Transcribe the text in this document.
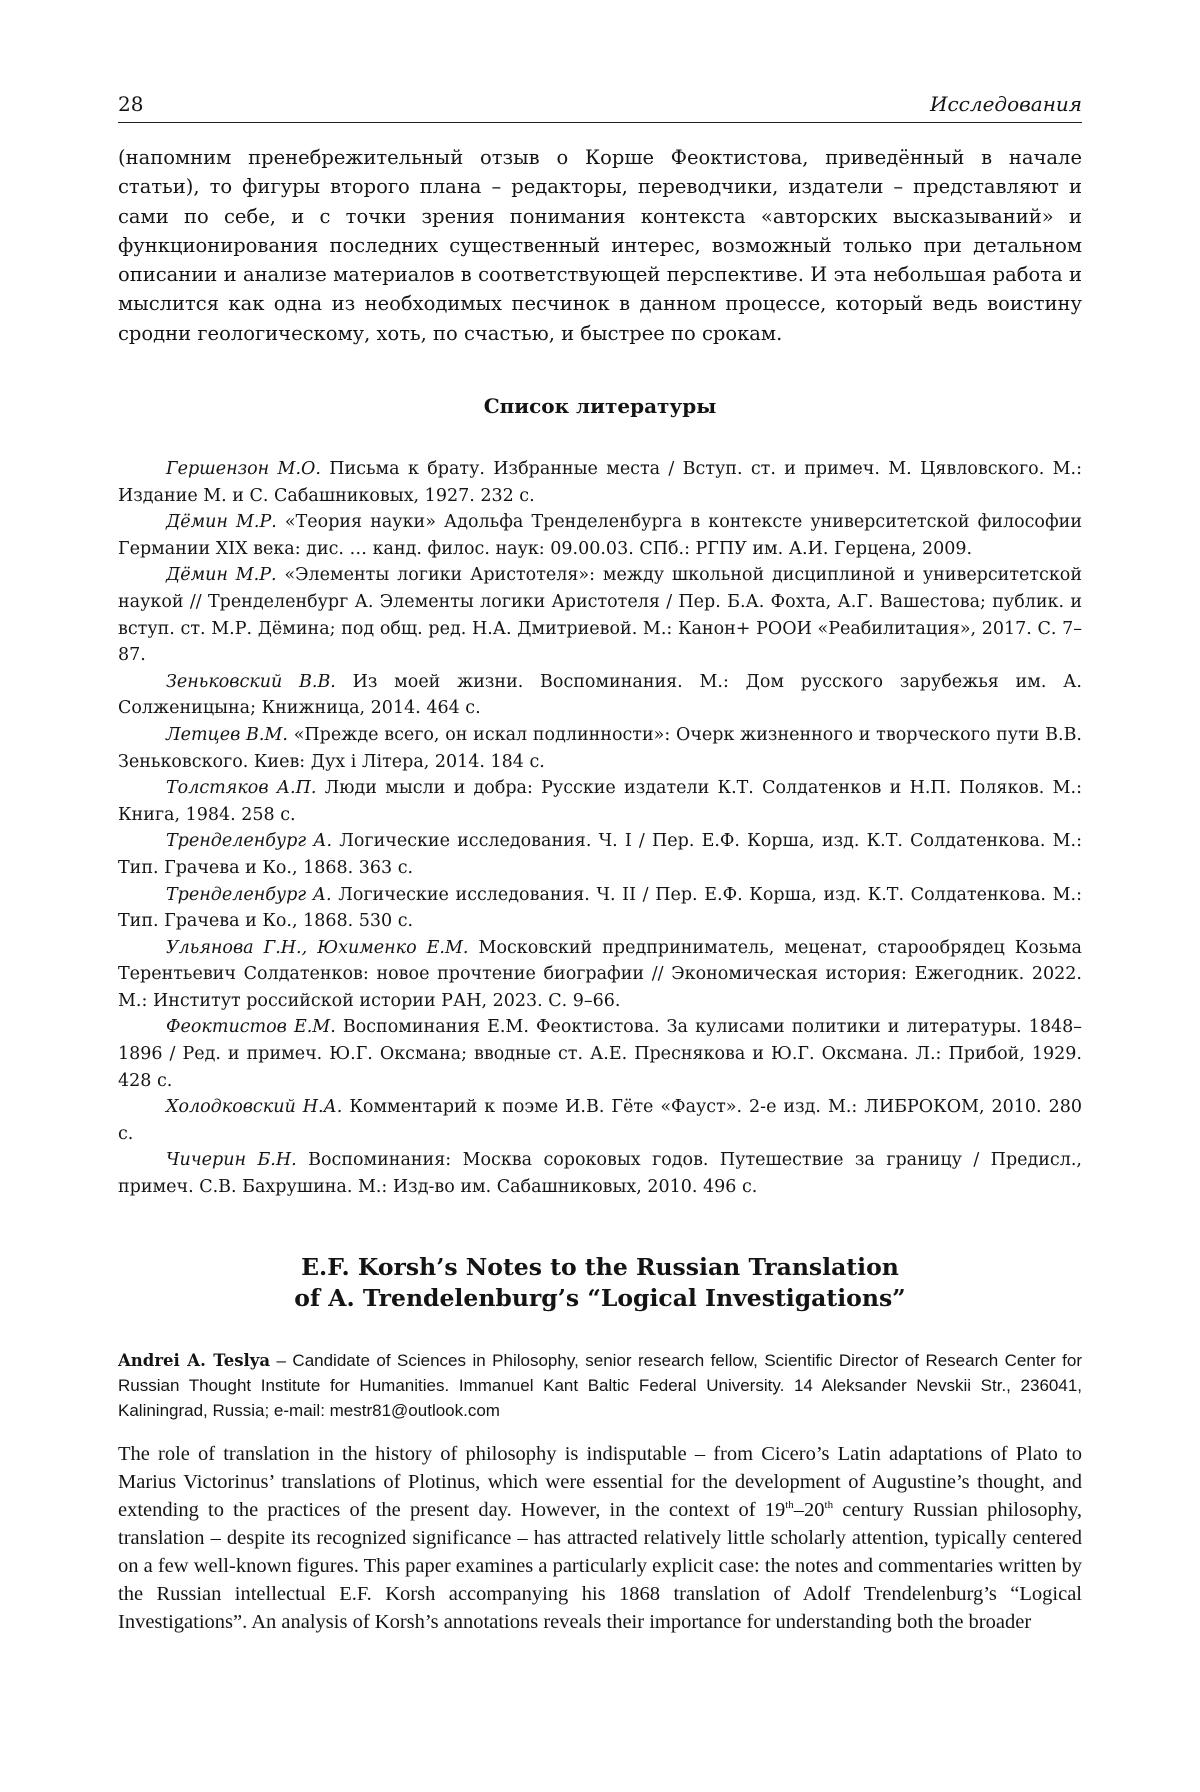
28	Исследования

(напомним пренебрежительный отзыв о Корше Феоктистова, приведённый в начале статьи), то фигуры второго плана – редакторы, переводчики, издатели – представляют и сами по себе, и с точки зрения понимания контекста «авторских высказываний» и функционирования последних существенный интерес, возможный только при детальном описании и анализе материалов в соответствующей перспективе. И эта небольшая работа и мыслится как одна из необходимых песчинок в данном процессе, который ведь воистину сродни геологическому, хоть, по счастью, и быстрее по срокам.

Список литературы
Гершензон М.О. Письма к брату. Избранные места / Вступ. ст. и примеч. М. Цявловского. М.: Издание М. и С. Сабашниковых, 1927. 232 с.
Дёмин М.Р. «Теория науки» Адольфа Тренделенбурга в контексте университетской философии Германии XIX века: дис. … канд. филос. наук: 09.00.03. СПб.: РГПУ им. А.И. Герцена, 2009.
Дёмин М.Р. «Элементы логики Аристотеля»: между школьной дисциплиной и университетской наукой // Тренделенбург А. Элементы логики Аристотеля / Пер. Б.А. Фохта, А.Г. Вашестова; публик. и вступ. ст. М.Р. Дёмина; под общ. ред. Н.А. Дмитриевой. М.: Канон+ РООИ «Реабилитация», 2017. С. 7–87.
Зеньковский В.В. Из моей жизни. Воспоминания. М.: Дом русского зарубежья им. А. Солженицына; Книжница, 2014. 464 с.
Летцев В.М. «Прежде всего, он искал подлинности»: Очерк жизненного и творческого пути В.В. Зеньковского. Киев: Дух і Літера, 2014. 184 с.
Толстяков А.П. Люди мысли и добра: Русские издатели К.Т. Солдатенков и Н.П. Поляков. М.: Книга, 1984. 258 с.
Тренделенбург А. Логические исследования. Ч. I / Пер. Е.Ф. Корша, изд. К.Т. Солдатенкова. М.: Тип. Грачева и Ко., 1868. 363 с.
Тренделенбург А. Логические исследования. Ч. II / Пер. Е.Ф. Корша, изд. К.Т. Солдатенкова. М.: Тип. Грачева и Ко., 1868. 530 с.
Ульянова Г.Н., Юхименко Е.М. Московский предприниматель, меценат, старообрядец Козьма Терентьевич Солдатенков: новое прочтение биографии // Экономическая история: Ежегодник. 2022. М.: Институт российской истории РАН, 2023. С. 9–66.
Феоктистов Е.М. Воспоминания Е.М. Феоктистова. За кулисами политики и литературы. 1848–1896 / Ред. и примеч. Ю.Г. Оксмана; вводные ст. А.Е. Преснякова и Ю.Г. Оксмана. Л.: Прибой, 1929. 428 с.
Холодковский Н.А. Комментарий к поэме И.В. Гёте «Фауст». 2-е изд. М.: ЛИБРОКОМ, 2010. 280 с.
Чичерин Б.Н. Воспоминания: Москва сороковых годов. Путешествие за границу / Предисл., примеч. С.В. Бахрушина. М.: Изд-во им. Сабашниковых, 2010. 496 с.
E.F. Korsh’s Notes to the Russian Translation
of A. Trendelenburg’s “Logical Investigations”

Andrei A. Teslya – Candidate of Sciences in Philosophy, senior research fellow, Scientific Director of Research Center for Russian Thought Institute for Humanities. Immanuel Kant Baltic Federal University. 14 Aleksander Nevskii Str., 236041, Kaliningrad, Russia; e-mail: mestr81@outlook.com

The role of translation in the history of philosophy is indisputable – from Cicero’s Latin adaptations of Plato to Marius Victorinus’ translations of Plotinus, which were essential for the development of Augustine’s thought, and extending to the practices of the present day. However, in the context of 19th–20th century Russian philosophy, translation – despite its recognized significance – has attracted relatively little scholarly attention, typically centered on a few well-known figures. This paper examines a particularly explicit case: the notes and commentaries written by the Russian intellectual E.F. Korsh accompanying his 1868 translation of Adolf Trendelenburg’s “Logical Investigations”. An analysis of Korsh’s annotations reveals their importance for understanding both the broader
